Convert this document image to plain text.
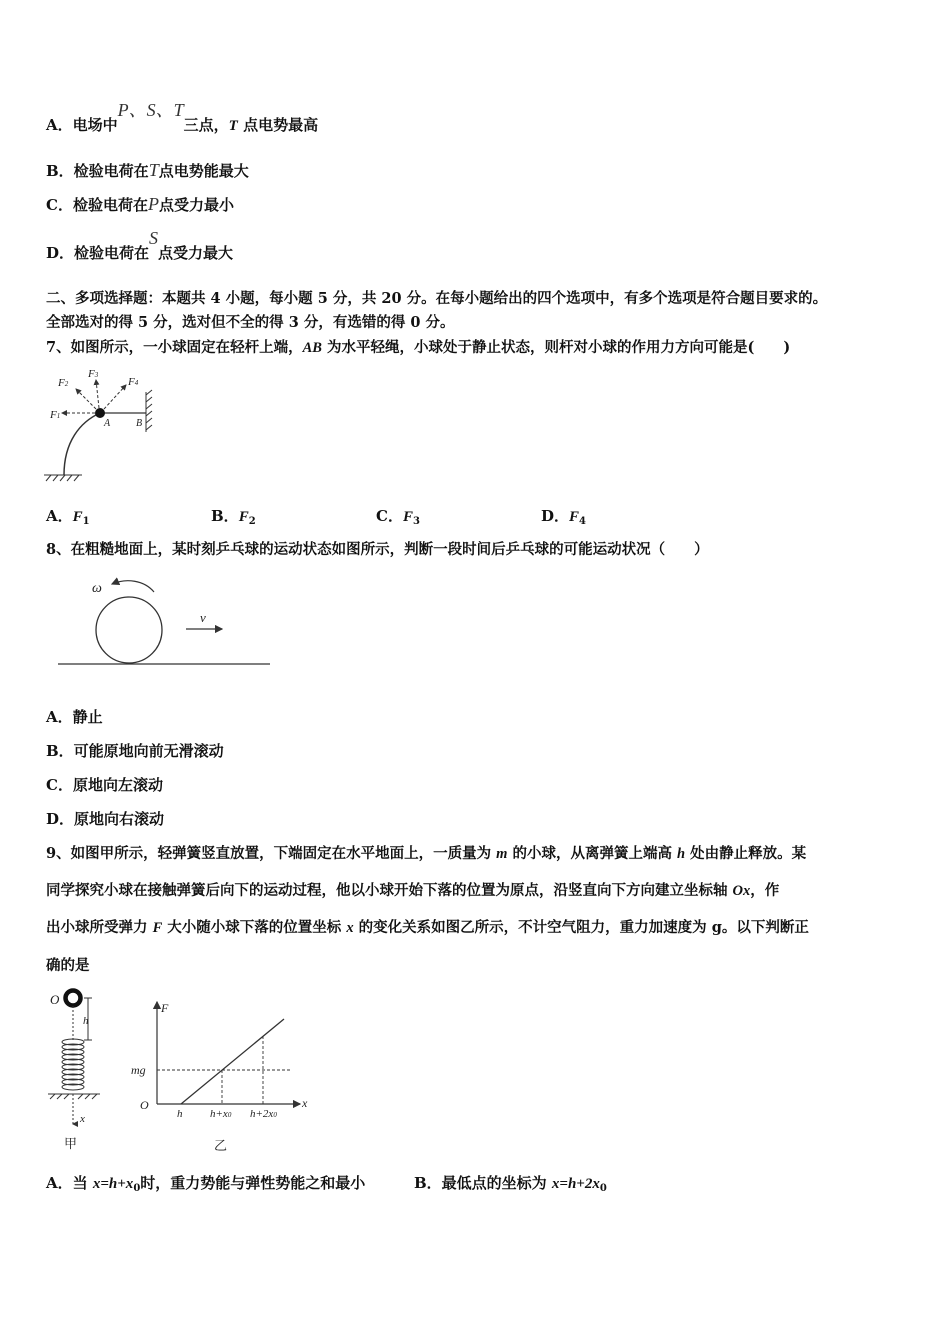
A．电场中P、S、T三点，T 点电势最高
B．检验电荷在T点电势能最大
C．检验电荷在P点受力最小
D．检验电荷在S点受力最大
二、多项选择题：本题共 4 小题，每小题 5 分，共 20 分。在每小题给出的四个选项中，有多个选项是符合题目要求的。
全部选对的得 5 分，选对但不全的得 3 分，有选错的得 0 分。
7、如图所示，一小球固定在轻杆上端，AB 为水平轻绳，小球处于静止状态，则杆对小球的作用力方向可能是(　　)
F1
F2
F3
F4
A	B
A．$F_1$	B．$F_2$	C．$F_3$	D．$F_4$
8、在粗糙地面上，某时刻乒乓球的运动状态如图所示，判断一段时间后乒乓球的可能运动状况（　　）
ω
v
A．静止
B．可能原地向前无滑滚动
C．原地向左滚动
D．原地向右滚动
9、如图甲所示，轻弹簧竖直放置，下端固定在水平地面上，一质量为 m 的小球，从离弹簧上端高 h 处由静止释放。某
同学探究小球在接触弹簧后向下的运动过程，他以小球开始下落的位置为原点，沿竖直向下方向建立坐标轴 Ox，作
出小球所受弹力 F 大小随小球下落的位置坐标 x 的变化关系如图乙所示，不计空气阻力，重力加速度为 g。以下判断正
确的是
O
h
x
甲
F
x
O
mg
h	h+x0 h+2x0
乙
A．当 $x=h+x_0$时，重力势能与弹性势能之和最小	B．最低点的坐标为 $x=h+2x_0$
